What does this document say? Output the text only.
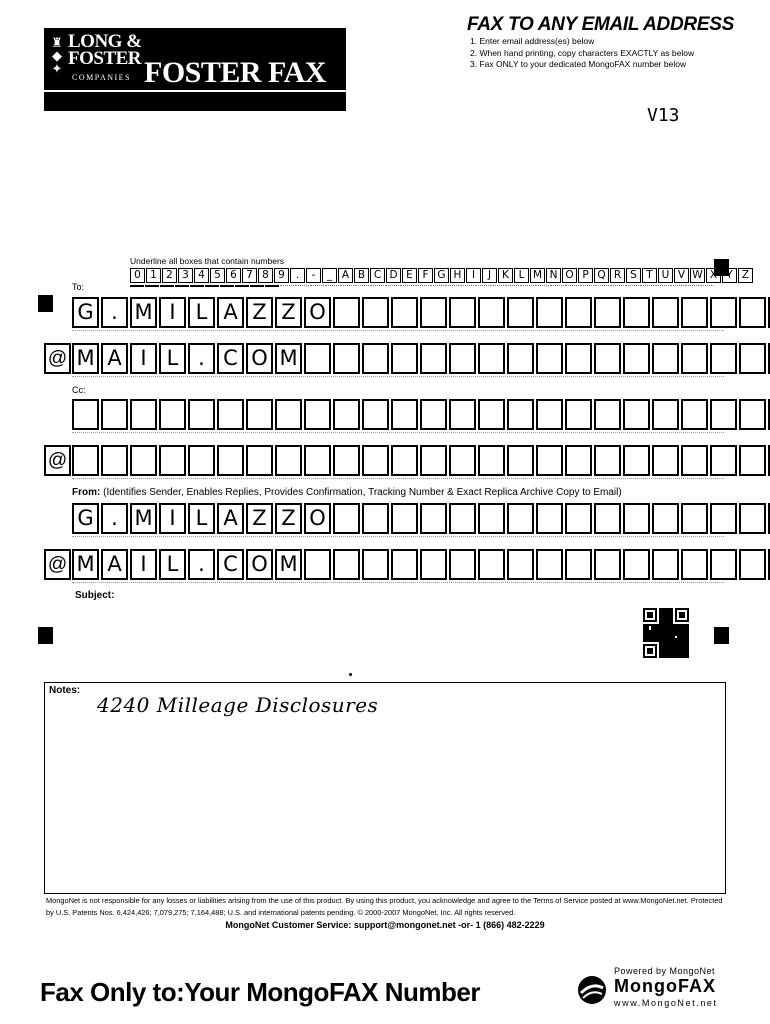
♜
◆
✦
LONG &
FOSTER
COMPANIES FOSTER FAX
FAX TO ANY EMAIL ADDRESS
1. Enter email address(es) below
2. When hand printing, copy characters EXACTLY as below
3. Fax ONLY to your dedicated MongoFAX number below
V13
Underline all boxes that contain numbers
0 1 2 3 4 5 6 7 8 9	.	-	_ A B C D E F G H I	J	K L M N O P Q R S T U V W X Y Z
To:
G . M I L A Z Z O
@ M A I L . C O M
Cc:
@
From: (Identifies Sender, Enables Replies, Provides Confirmation, Tracking Number & Exact Replica Archive Copy to Email)
G . M I L A Z Z O
@ M A I L . C O M
Subject:
Notes:
4240 Milleage Disclosures
MongoNet is not responsible for any losses or liabilities arising from the use of this product. By using this product, you acknowledge and agree to the Terms of Service posted at www.MongoNet.net. Protected by U.S. Patents Nos. 6,424,426; 7,079,275; 7,164,488; U.S. and international patents pending. © 2000-2007 MongoNet, Inc. All rights reserved.
MongoNet Customer Service: support@mongonet.net -or- 1 (866) 482-2229
Fax Only to:Your MongoFAX Number
Powered by MongoNet
MongoFAX
www.MongoNet.net
